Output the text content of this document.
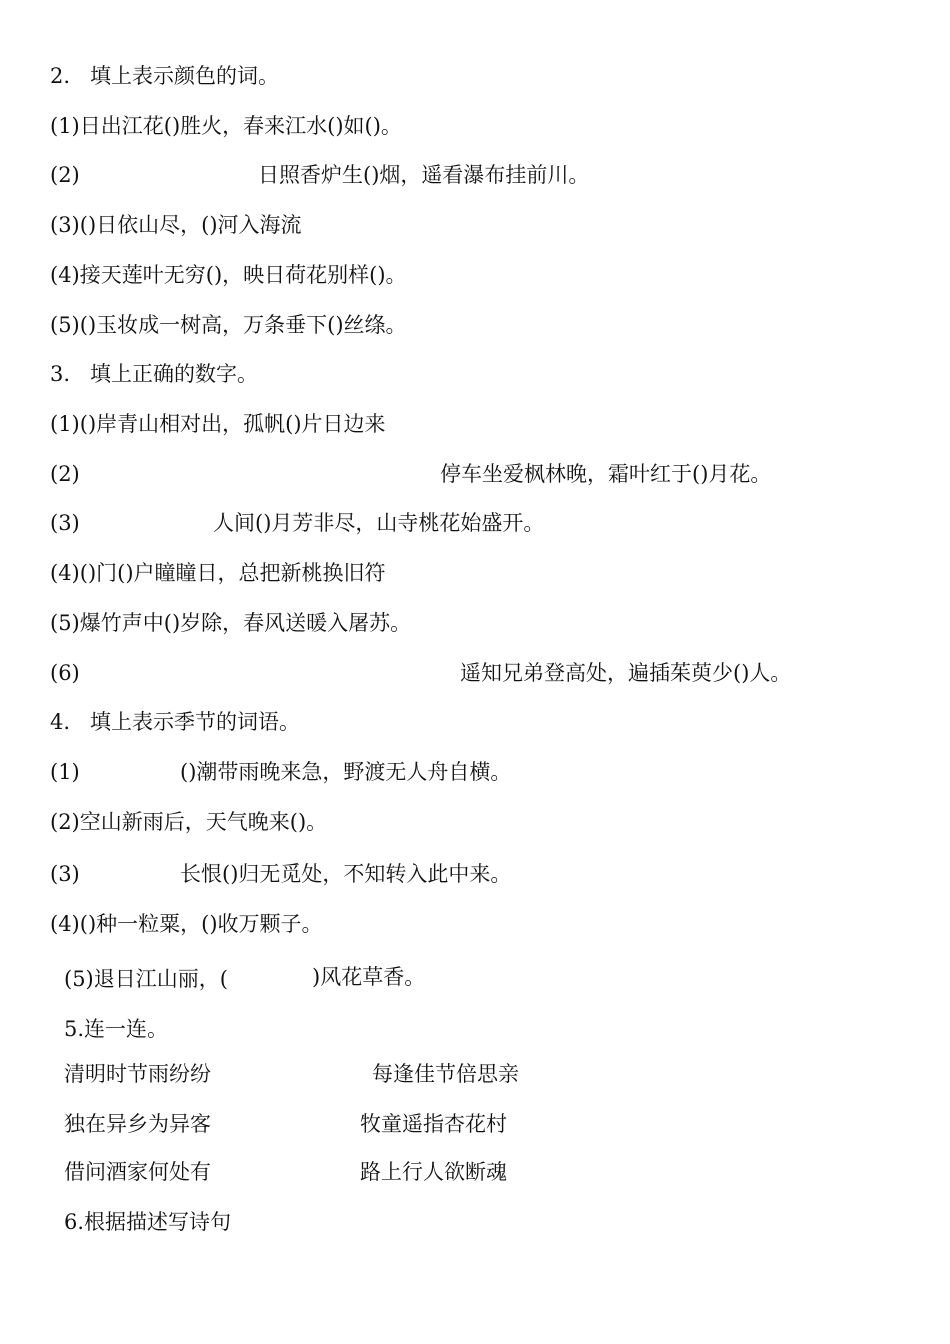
2.   填上表示颜色的词。
(1)日出江花()胜火，春来江水()如()。
(2)	日照香炉生()烟，遥看瀑布挂前川。
(3)()日依山尽，()河入海流
(4)接天莲叶无穷()，映日荷花别样()。
(5)()玉妆成一树高，万条垂下()丝绦。
3.   填上正确的数字。
(1)()岸青山相对出，孤帆()片日边来
(2)	停车坐爱枫林晚，霜叶红于()月花。
(3)	人间()月芳非尽，山寺桃花始盛开。
(4)()门()户瞳瞳日，总把新桃换旧符
(5)爆竹声中()岁除，春风送暖入屠苏。
(6)	遥知兄弟登高处，遍插茱萸少()人。
4.   填上表示季节的词语。
(1)	()潮带雨晚来急，野渡无人舟自横。
(2)空山新雨后，天气晚来()。
(3)	长恨()归无觅处，不知转入此中来。
(4)()种一粒粟，()收万颗子。
(5)退日江山丽，(	)风花草香。
5.连一连。
清明时节雨纷纷	每逢佳节倍思亲
独在异乡为异客	牧童遥指杏花村
借问酒家何处有	路上行人欲断魂
6.根据描述写诗句
